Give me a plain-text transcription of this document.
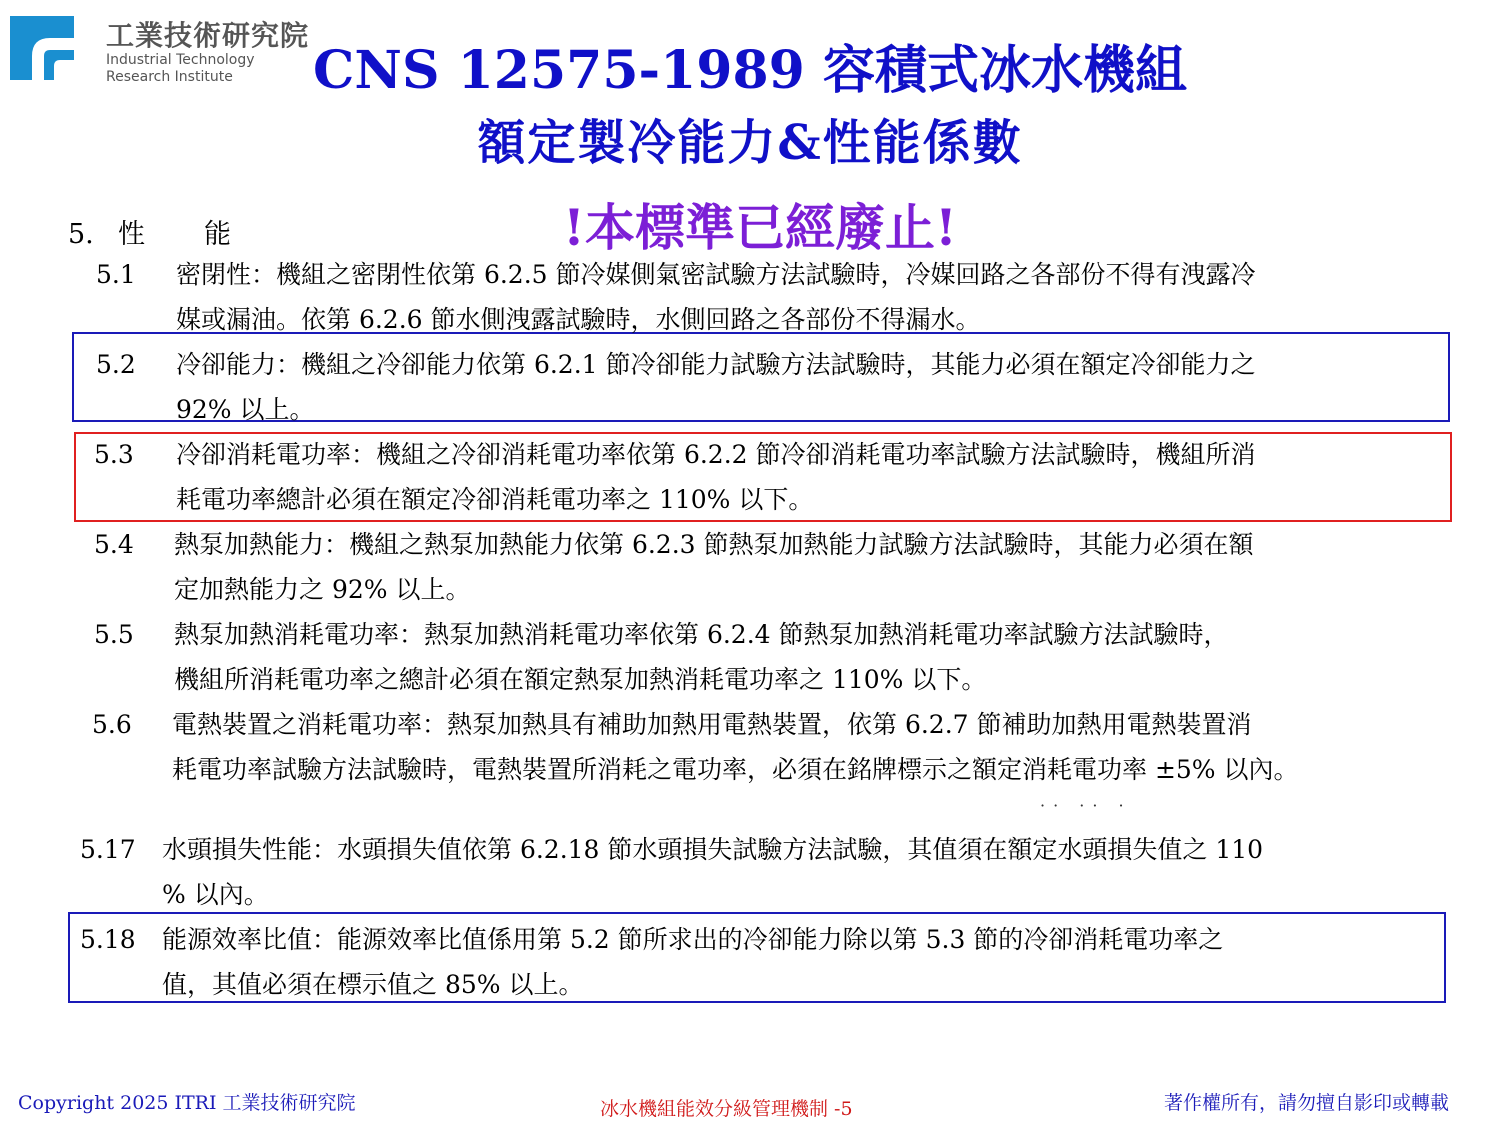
工業技術研究院
Industrial Technology
Research Institute	CNS 12575-1989 容積式冰水機組
額定製冷能力&性能係數
!本標準已經廢止!
5. 性 能
5.1 密閉性：機組之密閉性依第 6.2.5 節冷媒側氣密試驗方法試驗時，冷媒回路之各部份不得有洩露冷
媒或漏油。依第 6.2.6 節水側洩露試驗時，水側回路之各部份不得漏水。
5.2 冷卻能力：機組之冷卻能力依第 6.2.1 節冷卻能力試驗方法試驗時，其能力必須在額定冷卻能力之
92% 以上。
5.3 冷卻消耗電功率：機組之冷卻消耗電功率依第 6.2.2 節冷卻消耗電功率試驗方法試驗時，機組所消
耗電功率總計必須在額定冷卻消耗電功率之 110% 以下。
5.4 熱泵加熱能力：機組之熱泵加熱能力依第 6.2.3 節熱泵加熱能力試驗方法試驗時，其能力必須在額
定加熱能力之 92% 以上。
5.5 熱泵加熱消耗電功率：熱泵加熱消耗電功率依第 6.2.4 節熱泵加熱消耗電功率試驗方法試驗時，
機組所消耗電功率之總計必須在額定熱泵加熱消耗電功率之 110% 以下。
5.6 電熱裝置之消耗電功率：熱泵加熱具有補助加熱用電熱裝置，依第 6.2.7 節補助加熱用電熱裝置消
耗電功率試驗方法試驗時，電熱裝置所消耗之電功率，必須在銘牌標示之額定消耗電功率 ±5% 以內。
·· ·· ·
5.17 水頭損失性能：水頭損失值依第 6.2.18 節水頭損失試驗方法試驗，其值須在額定水頭損失值之 110
% 以內。
5.18 能源效率比值：能源效率比值係用第 5.2 節所求出的冷卻能力除以第 5.3 節的冷卻消耗電功率之
值，其值必須在標示值之 85% 以上。
Copyright 2025 ITRI 工業技術研究院	冰水機組能效分級管理機制 -5	著作權所有，請勿擅自影印或轉載
